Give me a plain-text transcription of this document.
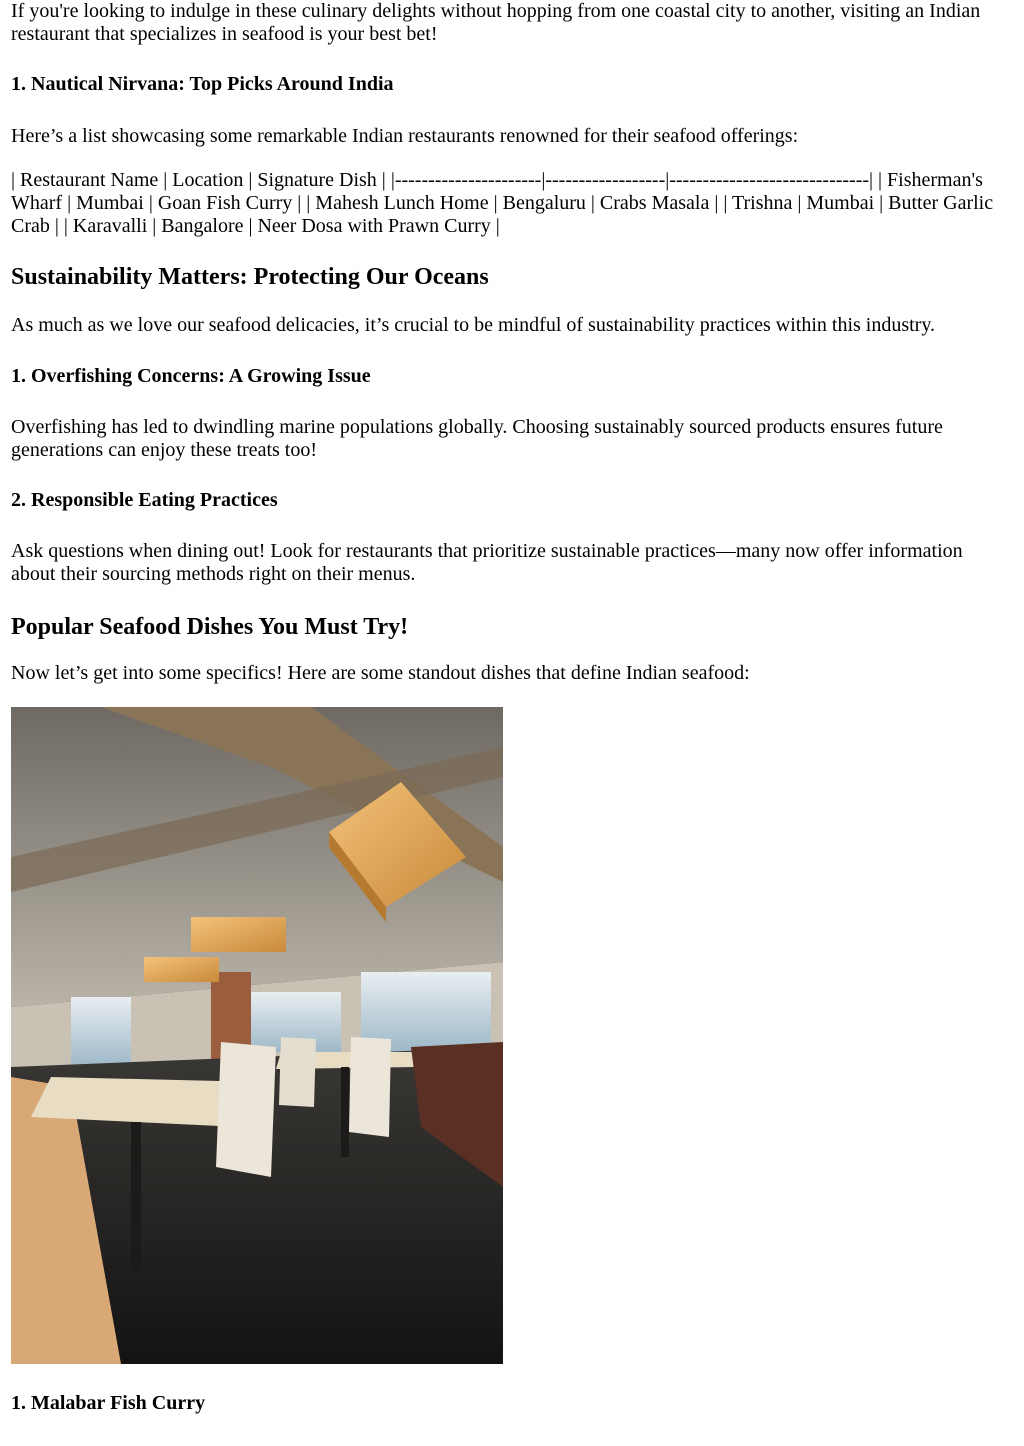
If you're looking to indulge in these culinary delights without hopping from one coastal city to another, visiting an Indian restaurant that specializes in seafood is your best bet!

1. Nautical Nirvana: Top Picks Around India

Here’s a list showcasing some remarkable Indian restaurants renowned for their seafood offerings:

| Restaurant Name | Location | Signature Dish | |----------------------|------------------|------------------------------| | Fisherman's Wharf | Mumbai | Goan Fish Curry | | Mahesh Lunch Home | Bengaluru | Crabs Masala | | Trishna | Mumbai | Butter Garlic Crab | | Karavalli | Bangalore | Neer Dosa with Prawn Curry |

Sustainability Matters: Protecting Our Oceans

As much as we love our seafood delicacies, it’s crucial to be mindful of sustainability practices within this industry.

1. Overfishing Concerns: A Growing Issue

Overfishing has led to dwindling marine populations globally. Choosing sustainably sourced products ensures future generations can enjoy these treats too!

2. Responsible Eating Practices

Ask questions when dining out! Look for restaurants that prioritize sustainable practices—many now offer information about their sourcing methods right on their menus.

Popular Seafood Dishes You Must Try!

Now let’s get into some specifics! Here are some standout dishes that define Indian seafood:

1. Malabar Fish Curry
